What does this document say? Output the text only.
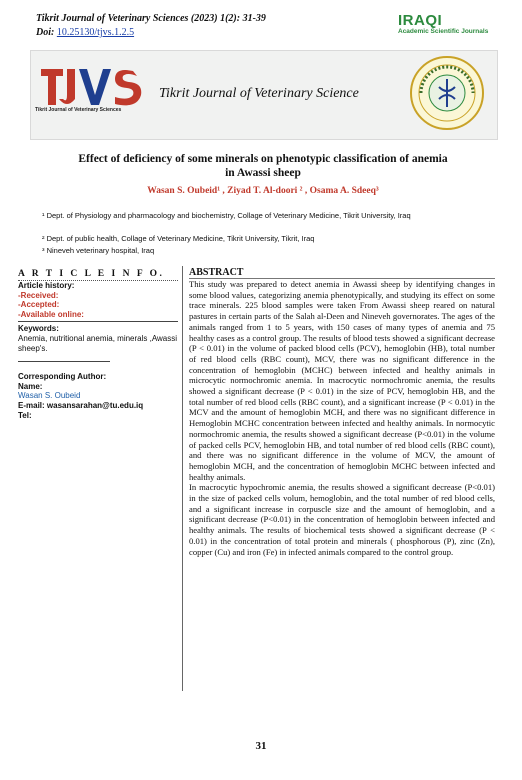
Tikrit Journal of Veterinary Sciences (2023) 1(2): 31-39
Doi: 10.25130/tjvs.1.2.5
IRAQI
Academic Scientific Journals
Tikrit Journal of Veterinary Sciences
Tikrit Journal of Veterinary Science
Effect of deficiency of some minerals on phenotypic classification of anemia
in Awassi sheep
Wasan S. Oubeid¹ , Ziyad T. Al-doori ² , Osama A. Sdeeq³
¹ Dept. of Physiology and pharmacology and biochemistry, Collage of Veterinary Medicine, Tikrit University, Iraq
² Dept. of public health, Collage of Veterinary Medicine, Tikrit University, Tikrit, Iraq
³ Nineveh veterinary hospital, Iraq
A R T I C L E I N F O.

Article history:

-Received:

-Accepted:

-Available online:

Keywords:

Anemia, nutritional anemia, minerals ,Awassi sheep's.

Corresponding Author:

Name:

Wasan S. Oubeid

E-mail: wasansarahan@tu.edu.iq

Tel:

ABSTRACT

This study was prepared to detect anemia in Awassi sheep by identifying changes in some blood values, categorizing anemia phenotypically, and studying its effect on some trace minerals. 225 blood samples were taken From Awassi sheep reared on natural pastures in certain parts of the Salah al-Deen and Nineveh governorates. The ages of the animals ranged from 1 to 5 years, with 150 cases of many types of anemia and 75 healthy cases as a control group. The results of blood tests showed a significant decrease (P < 0.01) in the volume of packed blood cells (PCV), hemoglobin (HB), total number of red blood cells (RBC count), MCV, there was no significant difference in the concentration of hemoglobin (MCHC) between infected and healthy animals in microcytic normochromic anemia. In macrocytic normochromic anemia, the results showed a significant decrease (P < 0.01) in the size of PCV, hemoglobin HB, and the total number of red blood cells (RBC count), and a significant increase (P < 0.01) in the MCV and the amount of hemoglobin MCH, and there was no significant difference in Hemoglobin MCHC concentration between infected and healthy animals. In normocytic normochromic anemia, the results showed a significant decrease (P<0.01) in the volume of packed cells PCV, hemoglobin HB, and total number of red blood cells (RBC count), and there was no significant difference in the volume of MCV, the amount of hemoglobin MCH, and the concentration of hemoglobin MCHC between infected and healthy animals.

In macrocytic hypochromic anemia, the results showed a significant decrease (P<0.01) in the size of packed cells volum, hemoglobin, and the total number of red blood cells, and a significant increase in corpuscle size and the amount of hemoglobin, and a significant decrease (P<0.01) in the concentration of hemoglobin between infected and healthy animals. The results of biochemical tests showed a significant decrease (P < 0.01) in the concentration of total protein and minerals ( phosphorous (P), zinc (Zn), copper (Cu) and iron (Fe) in infected animals compared to the control group.

31
